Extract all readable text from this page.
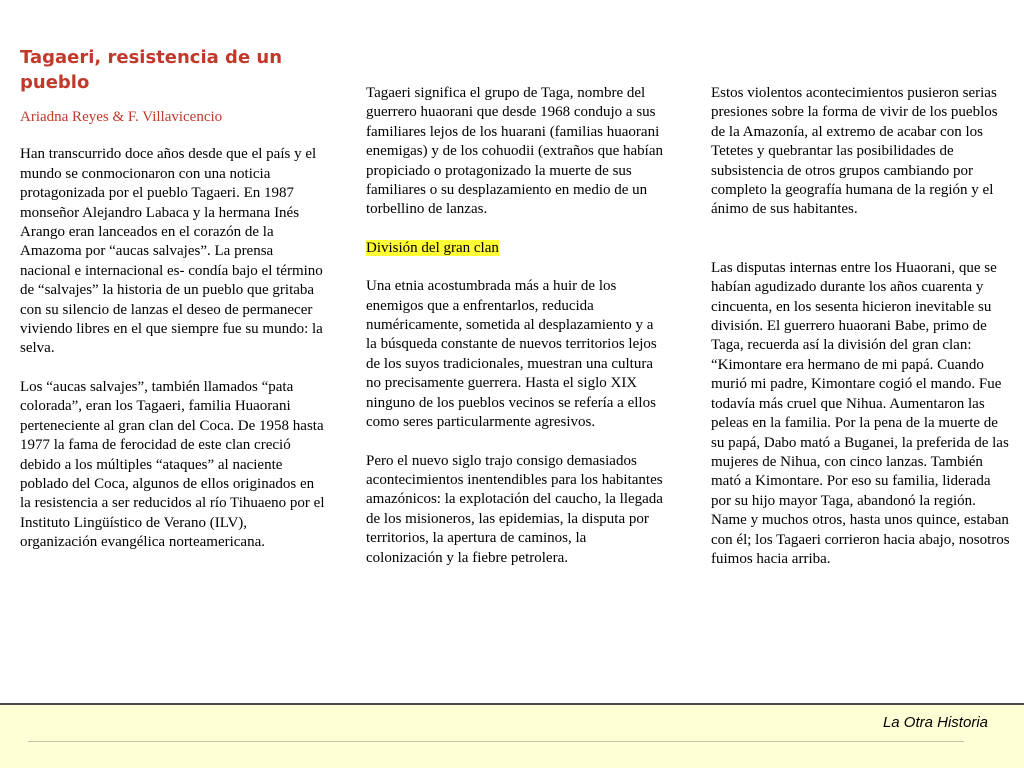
Tagaeri, resistencia de un pueblo

Ariadna Reyes & F. Villavicencio

Han transcurrido doce años desde que el país y el mundo se conmocionaron con una noticia protagonizada por el pueblo Tagaeri. En 1987 monseñor Alejandro Labaca y la hermana Inés Arango eran lanceados en el corazón de la Amazoma por “aucas salvajes”. La prensa nacional e internacional es- condía bajo el término de “salvajes” la historia de un pueblo que gritaba con su silencio de lanzas el deseo de permanecer viviendo libres en el que siempre fue su mundo: la selva.

Los “aucas salvajes”, también llamados “pata colorada”, eran los Tagaeri, familia Huaorani perteneciente al gran clan del Coca. De 1958 hasta 1977 la fama de ferocidad de este clan creció debido a los múltiples “ataques” al naciente poblado del Coca, algunos de ellos originados en la resistencia a ser reducidos al río Tihuaeno por el Instituto Lingüístico de Verano (ILV), organización evangélica norteamericana.

Tagaeri significa el grupo de Taga, nombre del guerrero huaorani que desde 1968 condujo a sus familiares lejos de los huarani (familias huaorani enemigas) y de los cohuodii (extraños que habían propiciado o protagonizado la muerte de sus familiares o su desplazamiento en medio de un torbellino de lanzas.

División del gran clan

Una etnia acostumbrada más a huir de los enemigos que a enfrentarlos, reducida numéricamente, sometida al desplazamiento y a la búsqueda constante de nuevos territorios lejos de los suyos tradicionales, muestran una cultura no precisamente guerrera. Hasta el siglo XIX ninguno de los pueblos vecinos se refería a ellos como seres particularmente agresivos.

Pero el nuevo siglo trajo consigo demasiados acontecimientos inentendibles para los habitantes amazónicos: la explotación del caucho, la llegada de los misioneros, las epidemias, la disputa por territorios, la apertura de caminos, la colonización y la fiebre petrolera.

Estos violentos acontecimientos pusieron serias presiones sobre la forma de vivir de los pueblos de la Amazonía, al extremo de acabar con los Tetetes y quebrantar las posibilidades de subsistencia de otros grupos cambiando por completo la geografía humana de la región y el ánimo de sus habitantes.

Las disputas internas entre los Huaorani, que se habían agudizado durante los años cuarenta y cincuenta, en los sesenta hicieron inevitable su división. El guerrero huaorani Babe, primo de Taga, recuerda así la división del gran clan: “Kimontare era hermano de mi papá. Cuando murió mi padre, Kimontare cogió el mando. Fue todavía más cruel que Nihua. Aumentaron las peleas en la familia. Por la pena de la muerte de su papá, Dabo mató a Buganei, la preferida de las mujeres de Nihua, con cinco lanzas. También mató a Kimontare. Por eso su familia, liderada por su hijo mayor Taga, abandonó la región. Name y muchos otros, hasta unos quince, estaban con él; los Tagaeri corrieron hacia abajo, nosotros fuimos hacia arriba.

La Otra Historia
